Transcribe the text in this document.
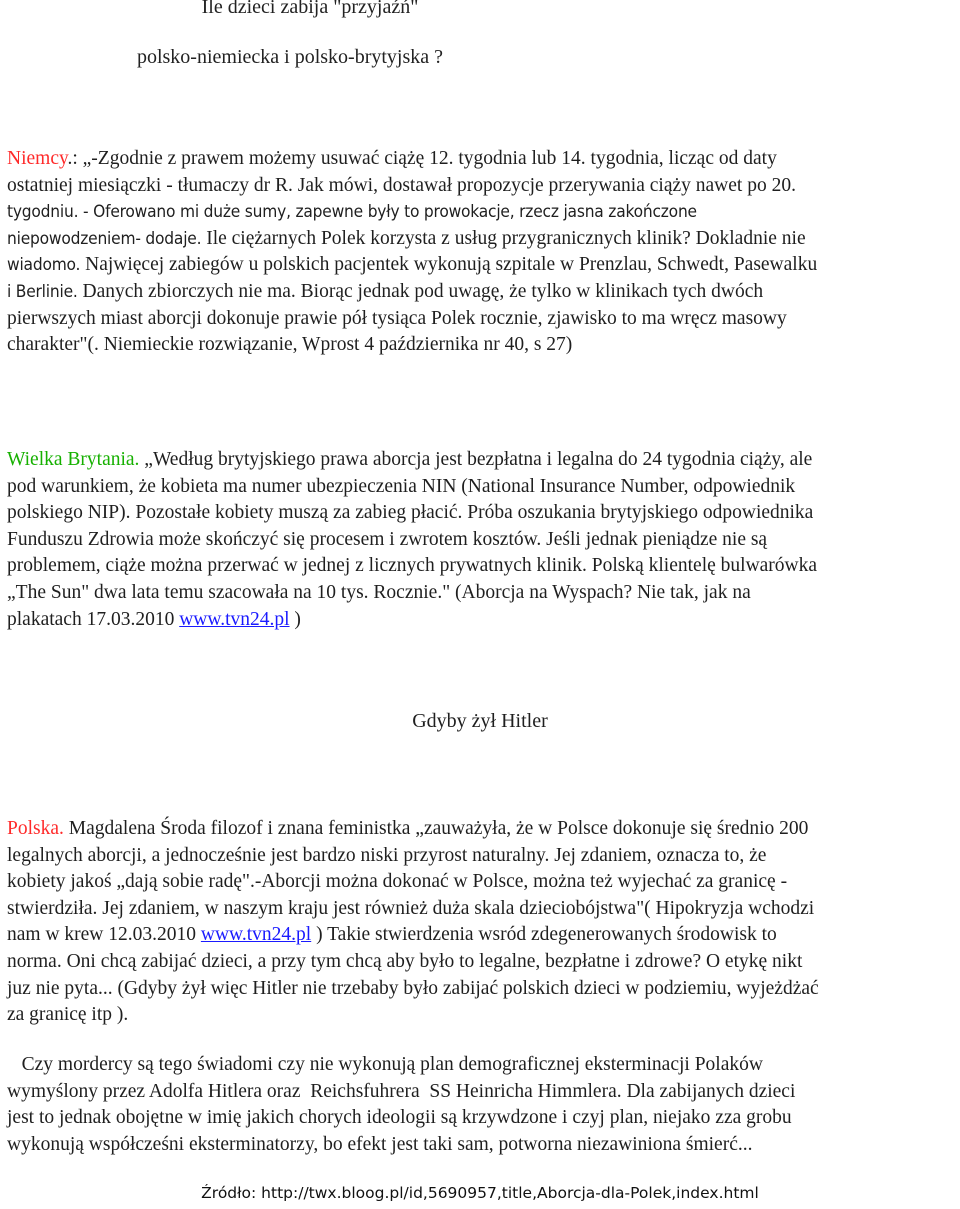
Ile dzieci zabija "przyjaźń"
polsko-niemiecka i polsko-brytyjska ?
Niemcy.: „-Zgodnie z prawem możemy usuwać ciążę 12. tygodnia lub 14. tygodnia, licząc od daty
ostatniej miesiączki - tłumaczy dr R. Jak mówi, dostawał propozycje przerywania ciąży nawet po 20.
tygodniu. - Oferowano mi duże sumy, zapewne były to prowokacje, rzecz jasna zakończone
niepowodzeniem- dodaje. Ile ciężarnych Polek korzysta z usług przygranicznych klinik? Dokladnie nie
wiadomo. Najwięcej zabiegów u polskich pacjentek wykonują szpitale w Prenzlau, Schwedt, Pasewalku
i Berlinie. Danych zbiorczych nie ma. Biorąc jednak pod uwagę, że tylko w klinikach tych dwóch
pierwszych miast aborcji dokonuje prawie pół tysiąca Polek rocznie, zjawisko to ma wręcz masowy
charakter"(. Niemieckie rozwiązanie, Wprost 4 października nr 40, s 27)
Wielka Brytania. „Według brytyjskiego prawa aborcja jest bezpłatna i legalna do 24 tygodnia ciąży, ale
pod warunkiem, że kobieta ma numer ubezpieczenia NIN (National Insurance Number, odpowiednik
polskiego NIP). Pozostałe kobiety muszą za zabieg płacić. Próba oszukania brytyjskiego odpowiednika
Funduszu Zdrowia może skończyć się procesem i zwrotem kosztów. Jeśli jednak pieniądze nie są
problemem, ciąże można przerwać w jednej z licznych prywatnych klinik. Polską klientelę bulwarówka
„The Sun" dwa lata temu szacowała na 10 tys. Rocznie." (Aborcja na Wyspach? Nie tak, jak na
plakatach 17.03.2010 www.tvn24.pl )
Gdyby żył Hitler
Polska. Magdalena Środa filozof i znana feministka „zauważyła, że w Polsce dokonuje się średnio 200
legalnych aborcji, a jednocześnie jest bardzo niski przyrost naturalny. Jej zdaniem, oznacza to, że
kobiety jakoś „dają sobie radę".-Aborcji można dokonać w Polsce, można też wyjechać za granicę -
stwierdziła. Jej zdaniem, w naszym kraju jest również duża skala dzieciobójstwa"( Hipokryzja wchodzi
nam w krew 12.03.2010 www.tvn24.pl ) Takie stwierdzenia wsród zdegenerowanych środowisk to
norma. Oni chcą zabijać dzieci, a przy tym chcą aby było to legalne, bezpłatne i zdrowe? O etykę nikt
juz nie pyta... (Gdyby żył więc Hitler nie trzebaby było zabijać polskich dzieci w podziemiu, wyjeżdżać
za granicę itp ).
Czy mordercy są tego świadomi czy nie wykonują plan demograficznej eksterminacji Polaków
wymyślony przez Adolfa Hitlera oraz  Reichsfuhrera  SS Heinricha Himmlera. Dla zabijanych dzieci
jest to jednak obojętne w imię jakich chorych ideologii są krzywdzone i czyj plan, niejako zza grobu
wykonują współcześni eksterminatorzy, bo efekt jest taki sam, potworna niezawiniona śmierć...
Źródło: http://twx.bloog.pl/id,5690957,title,Aborcja-dla-Polek,index.html
